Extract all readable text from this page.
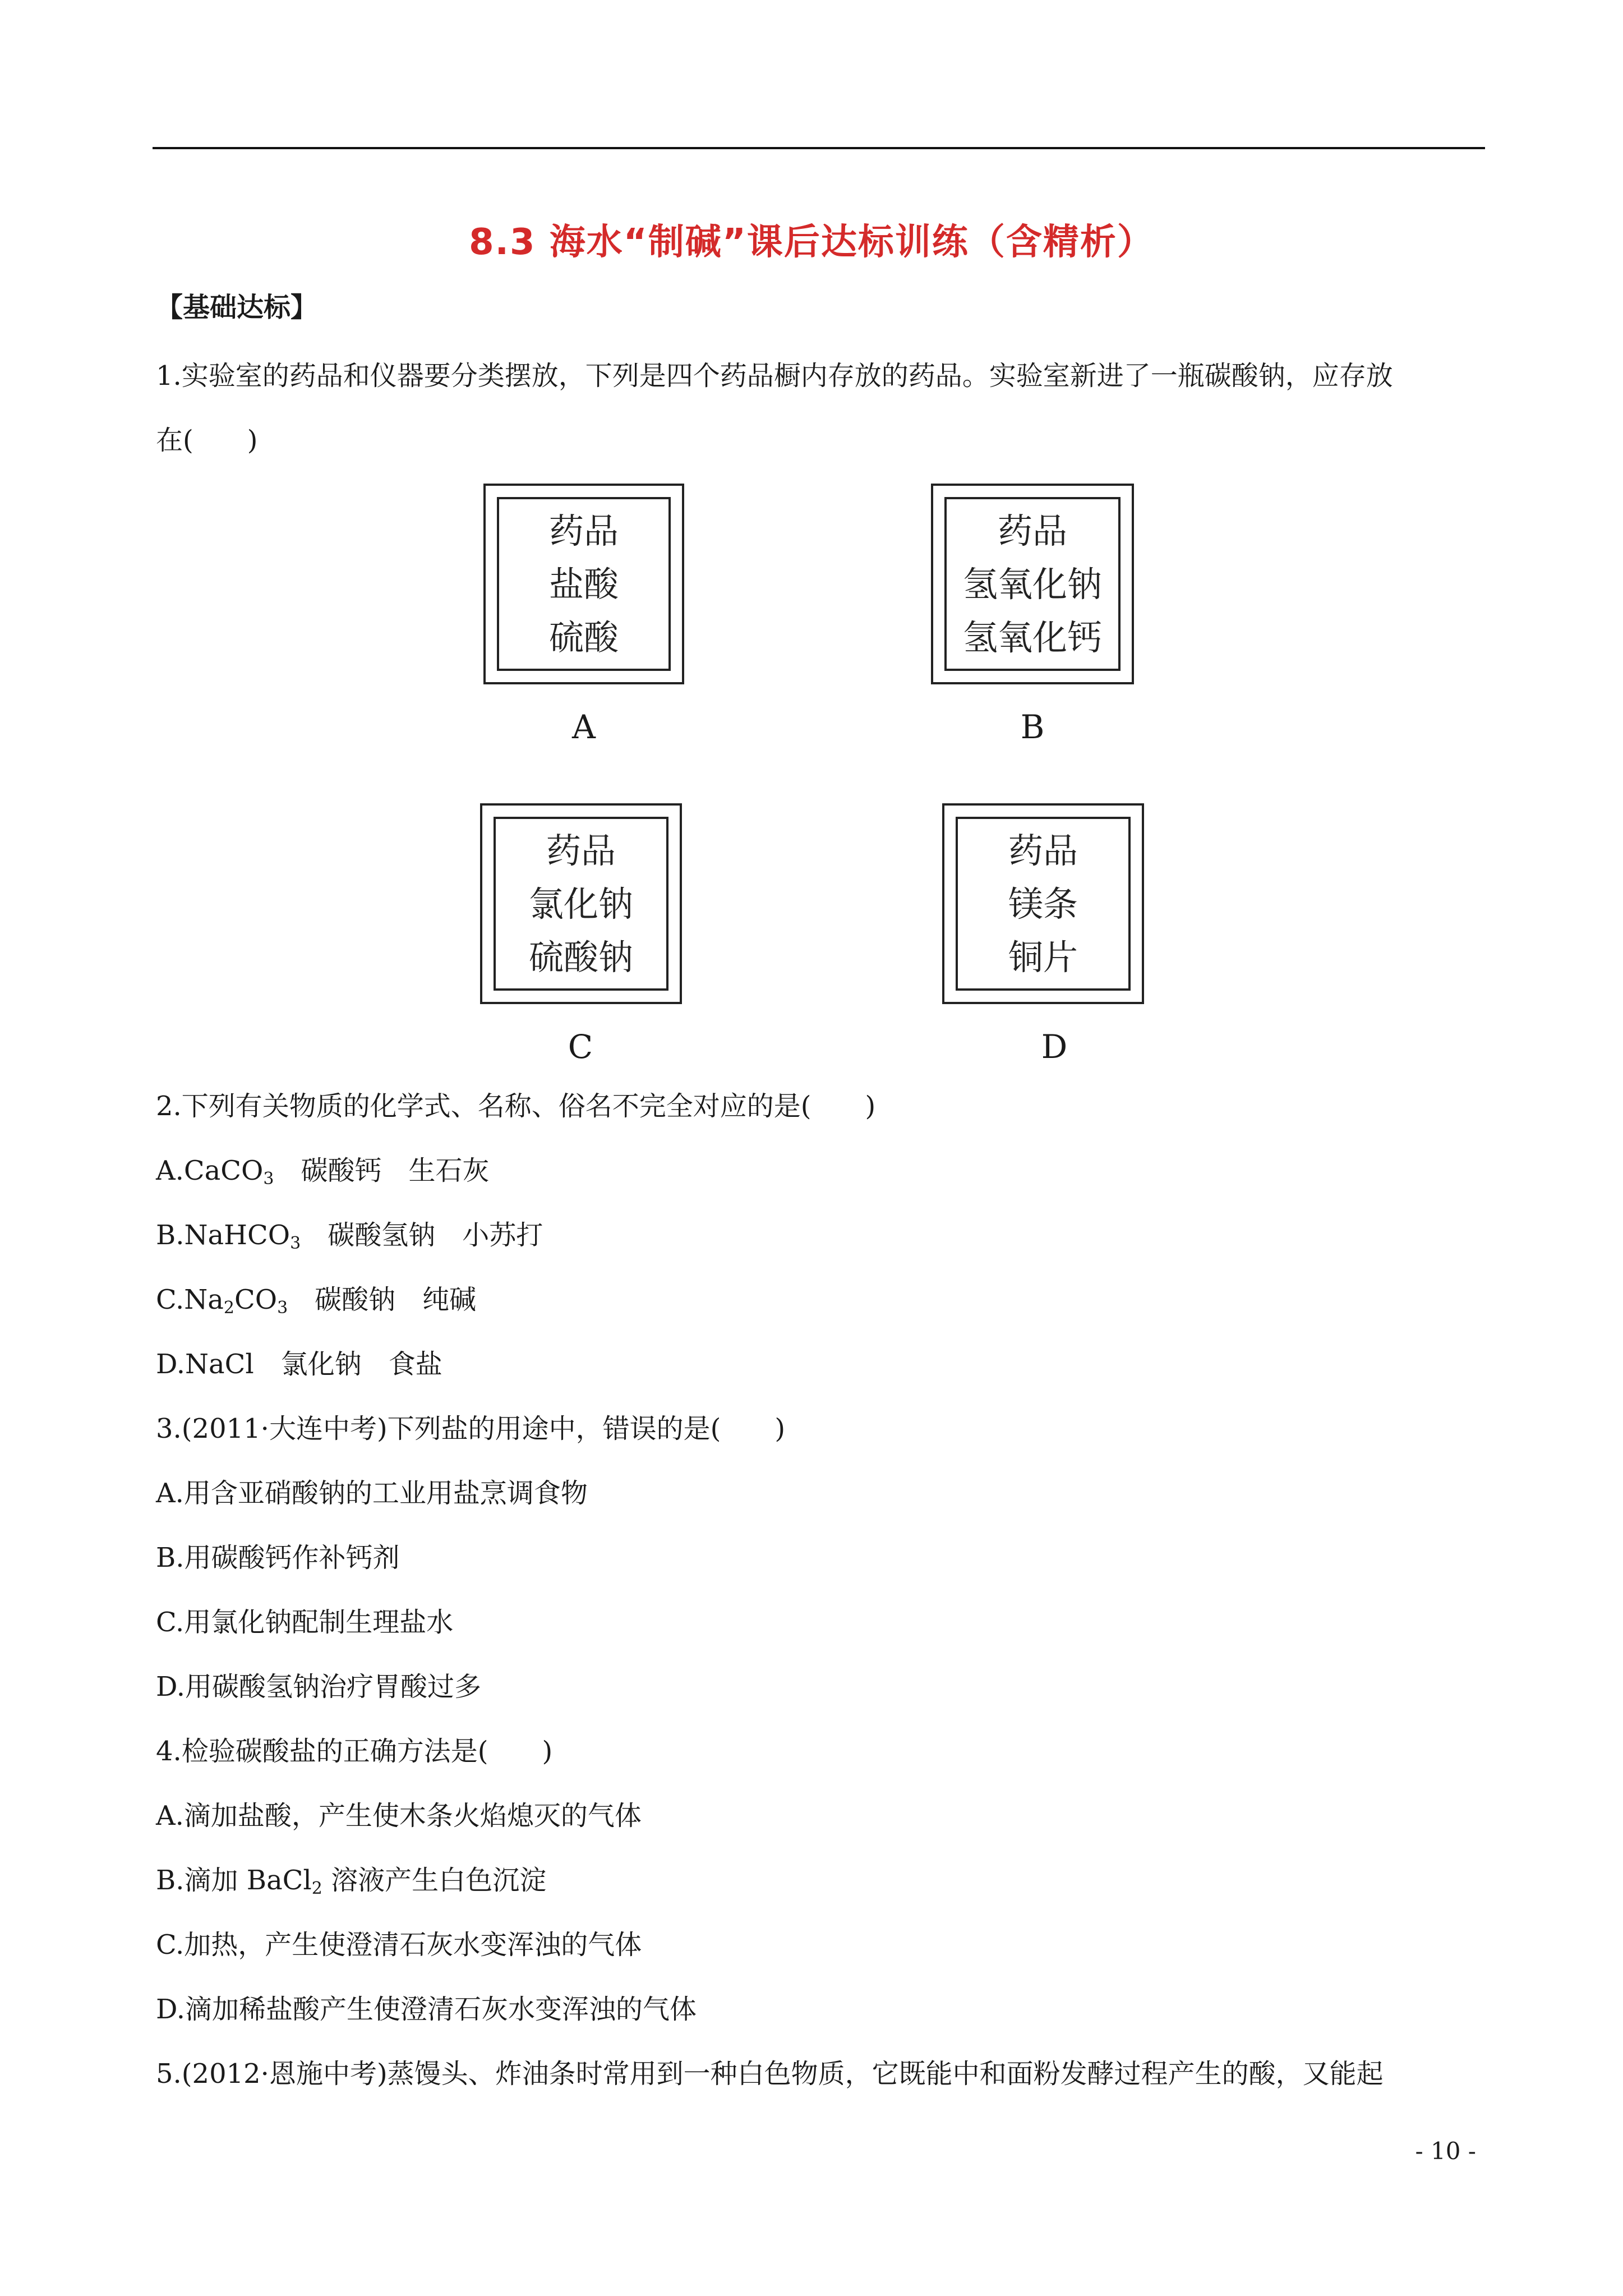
8.3 海水“制碱”课后达标训练（含精析）
【基础达标】
1.实验室的药品和仪器要分类摆放，下列是四个药品橱内存放的药品。实验室新进了一瓶碳酸钠，应存放
在(　　)
药品
盐酸
硫酸
A
药品
氢氧化钠
氢氧化钙
B
药品
氯化钠
硫酸钠
C
药品
镁条
铜片
D
2.下列有关物质的化学式、名称、俗名不完全对应的是(　　)
A.CaCO$_3$　碳酸钙　生石灰
B.NaHCO$_3$　碳酸氢钠　小苏打
$C.Na_2CO_3$　碳酸钠　纯碱
D.NaCl　氯化钠　食盐
3.(2011·大连中考)下列盐的用途中，错误的是(　　)
A.用含亚硝酸钠的工业用盐烹调食物
B.用碳酸钙作补钙剂
C.用氯化钠配制生理盐水
D.用碳酸氢钠治疗胃酸过多
4.检验碳酸盐的正确方法是(　　)
A.滴加盐酸，产生使木条火焰熄灭的气体
B.滴加 BaCl$_2$ 溶液产生白色沉淀
C.加热，产生使澄清石灰水变浑浊的气体
D.滴加稀盐酸产生使澄清石灰水变浑浊的气体
5.(2012·恩施中考)蒸馒头、炸油条时常用到一种白色物质，它既能中和面粉发酵过程产生的酸，又能起
- 10 -
